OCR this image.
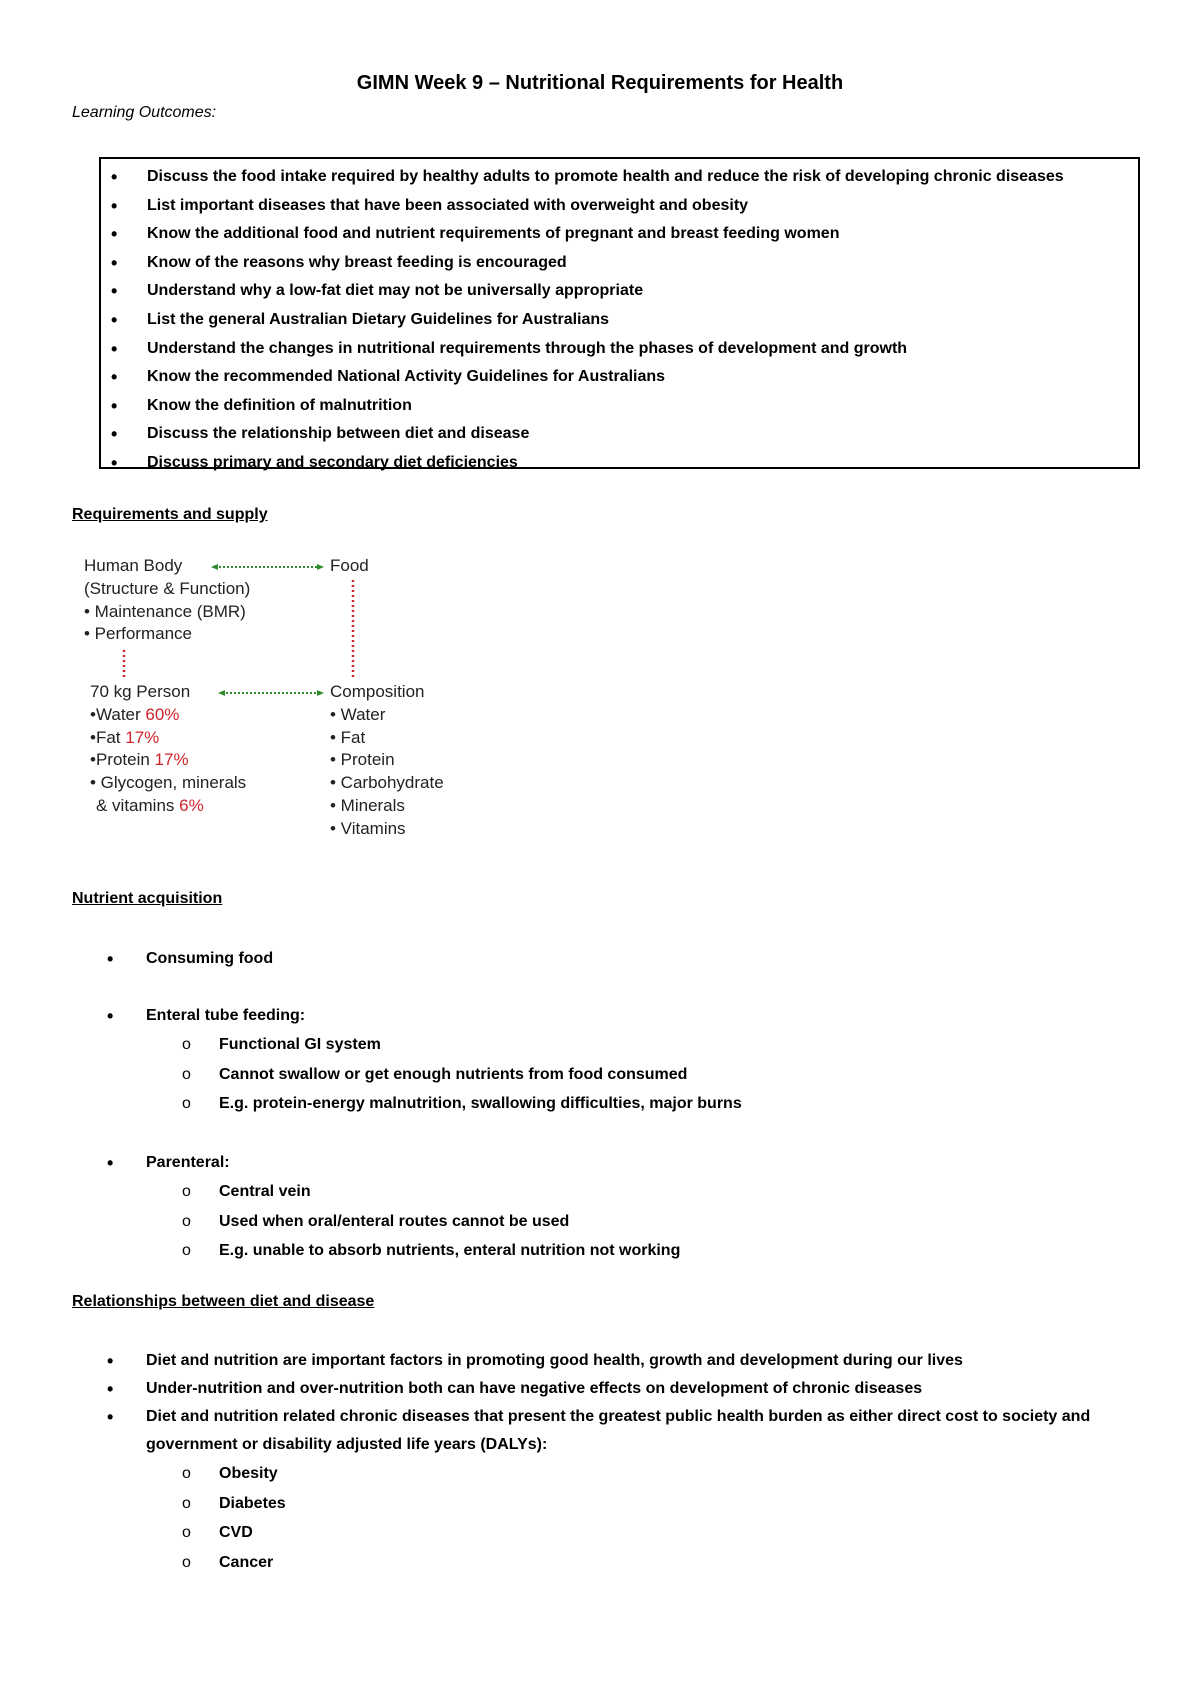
GIMN Week 9 – Nutritional Requirements for Health
Learning Outcomes:
• Discuss the food intake required by healthy adults to promote health and reduce the risk of developing chronic diseases
• List important diseases that have been associated with overweight and obesity
• Know the additional food and nutrient requirements of pregnant and breast feeding women
• Know of the reasons why breast feeding is encouraged
• Understand why a low-fat diet may not be universally appropriate
• List the general Australian Dietary Guidelines for Australians
• Understand the changes in nutritional requirements through the phases of development and growth
• Know the recommended National Activity Guidelines for Australians
• Know the definition of malnutrition
• Discuss the relationship between diet and disease
• Discuss primary and secondary diet deficiencies
Requirements and supply
Human Body	Food
(Structure & Function)
• Maintenance (BMR)
• Performance
70 kg Person	Composition
•Water 60%
•Fat 17%
•Protein 17%
• Glycogen, minerals
& vitamins 6%
• Water
• Fat
• Protein
• Carbohydrate
• Minerals
• Vitamins
Nutrient acquisition
• Consuming food
• Enteral tube feeding:
o Functional GI system
o Cannot swallow or get enough nutrients from food consumed
o E.g. protein-energy malnutrition, swallowing difficulties, major burns
• Parenteral:
o Central vein
o Used when oral/enteral routes cannot be used
o E.g. unable to absorb nutrients, enteral nutrition not working
Relationships between diet and disease
• Diet and nutrition are important factors in promoting good health, growth and development during our lives
• Under-nutrition and over-nutrition both can have negative effects on development of chronic diseases
• Diet and nutrition related chronic diseases that present the greatest public health burden as either direct cost to society and government or disability adjusted life years (DALYs):
o Obesity
o Diabetes
o CVD
o Cancer
